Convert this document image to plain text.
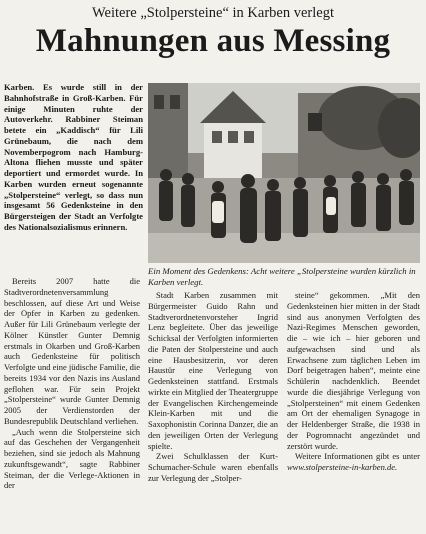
Weitere „Stolpersteine“ in Karben verlegt
Mahnungen aus Messing

Karben. Es wurde still in der Bahnhofstraße in Groß-Karben. Für einige Minuten ruhte der Autoverkehr. Rabbiner Steiman betete ein „Kaddisch“ für Lili Grünebaum, die nach dem Novemberpogrom nach Hamburg-Altona fliehen musste und später deportiert und ermordet wurde. In Karben wurden erneut sogenannte „Stolpersteine“ verlegt, so dass nun insgesamt 56 Gedenksteine in den Bürgersteigen der Stadt an Verfolgte des Nationalsozialismus erinnern.

Ein Moment des Gedenkens: Acht weitere „Stolpersteine wurden kürzlich in Karben verlegt.

Bereits 2007 hatte die Stadtverordnetenversammlung beschlossen, auf diese Art und Weise der Opfer in Karben zu gedenken. Außer für Lili Grünebaum verlegte der Kölner Künstler Gunter Demnig erstmals in Okarben und Groß-Karben auch Gedenksteine für politisch Verfolgte und eine jüdische Familie, die bereits 1934 vor den Nazis ins Ausland geflohen war. Für sein Projekt „Stolpersteine“ wurde Gunter Demnig 2005 der Verdienstorden der Bundesrepublik Deutschland verliehen.

„Auch wenn die Stolpersteine sich auf das Geschehen der Vergangenheit beziehen, sind sie jedoch als Mahnung zukunftsgewandt“, sagte Rabbiner Steiman, der die Verlege-Aktionen in der

Stadt Karben zusammen mit Bürgermeister Guido Rahn und Stadtverordnetenvorsteher Ingrid Lenz begleitete. Über das jeweilige Schicksal der Verfolgten informierten die Paten der Stolpersteine und auch eine Hausbesitzerin, vor deren Haustür eine Verlegung von Gedenksteinen stattfand. Erstmals wirkte ein Mitglied der Theatergruppe der Evangelischen Kirchengemeinde Klein-Karben mit und die Saxophonistin Corinna Danzer, die an den jeweiligen Orten der Verlegung spielte.

Zwei Schulklassen der Kurt-Schumacher-Schule waren ebenfalls zur Verlegung der „Stolper-

steine“ gekommen. „Mit den Gedenksteinen hier mitten in der Stadt sind aus anonymen Verfolgten des Nazi-Regimes Menschen geworden, die – wie ich – hier geboren und aufgewachsen sind und als Erwachsene zum täglichen Leben im Dorf beigetragen haben“, meinte eine Schülerin nachdenklich. Beendet wurde die diesjährige Verlegung von „Stolpersteinen“ mit einem Gedenken am Ort der ehemaligen Synagoge in der Heldenberger Straße, die 1938 in der Pogromnacht angezündet und zerstört wurde.

Weitere Informationen gibt es unter www.stolpersteine-in-karben.de.
